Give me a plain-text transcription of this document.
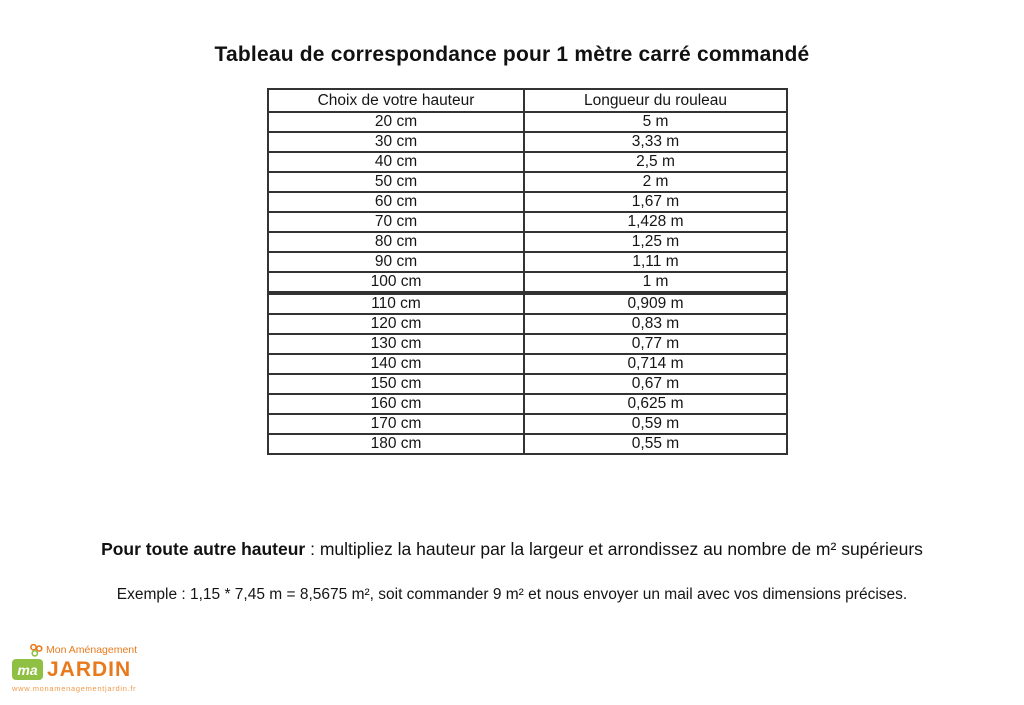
Tableau de correspondance pour 1 mètre carré commandé
Choix de votre hauteur	Longueur du rouleau
20 cm	5 m
30 cm	3,33 m
40 cm	2,5 m
50 cm	2 m
60 cm	1,67 m
70 cm	1,428 m
80 cm	1,25 m
90 cm	1,11 m
100 cm	1 m
110 cm	0,909 m
120 cm	0,83 m
130 cm	0,77 m
140 cm	0,714 m
150 cm	0,67 m
160 cm	0,625 m
170 cm	0,59 m
180 cm	0,55 m
Pour toute autre hauteur : multipliez la hauteur par la largeur et arrondissez au nombre de m² supérieurs
Exemple : 1,15 * 7,45 m = 8,5675 m², soit commander 9 m² et nous envoyer un mail avec vos dimensions précises.
Mon Aménagement
ma JARDIN
www.monamenagementjardin.fr
